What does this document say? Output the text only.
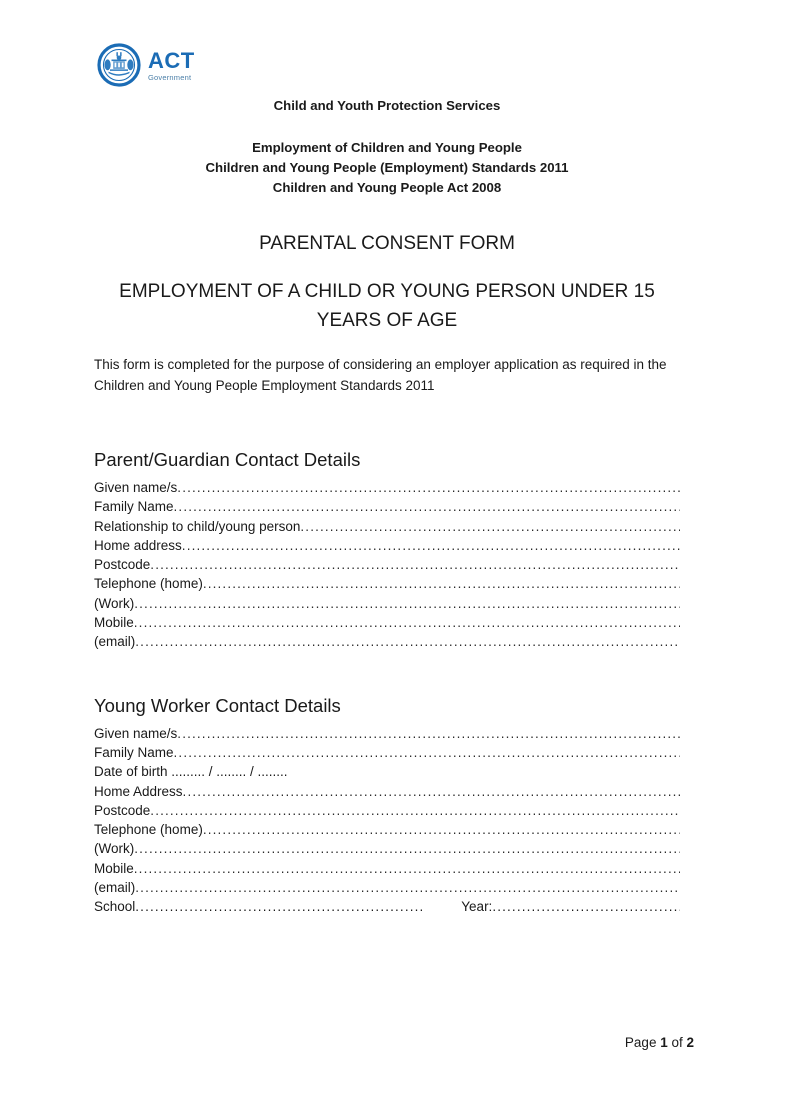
ACT
Government
Child and Youth Protection Services
Employment of Children and Young People
Children and Young People (Employment) Standards 2011
Children and Young People Act 2008
PARENTAL CONSENT FORM
EMPLOYMENT OF A CHILD OR YOUNG PERSON UNDER 15 YEARS OF AGE
This form is completed for the purpose of considering an employer application as required in the Children and Young People Employment Standards 2011
Parent/Guardian Contact Details
Given name/s
.....
Family Name
.....
Relationship to child/young person
.....
Home address
.....
Postcode
.....
Telephone (home)
.....
(Work)
.....
Mobile
.....
(email)
.....
Young Worker Contact Details
Given name/s
.....
Family Name
.....
Date of birth ......... / ........ / ........
Home Address
.....
Postcode
.....
Telephone (home)
.....
(Work)
.....
Mobile
.....
(email)
.....
School .....	Year:
.....
Page 1 of 2
